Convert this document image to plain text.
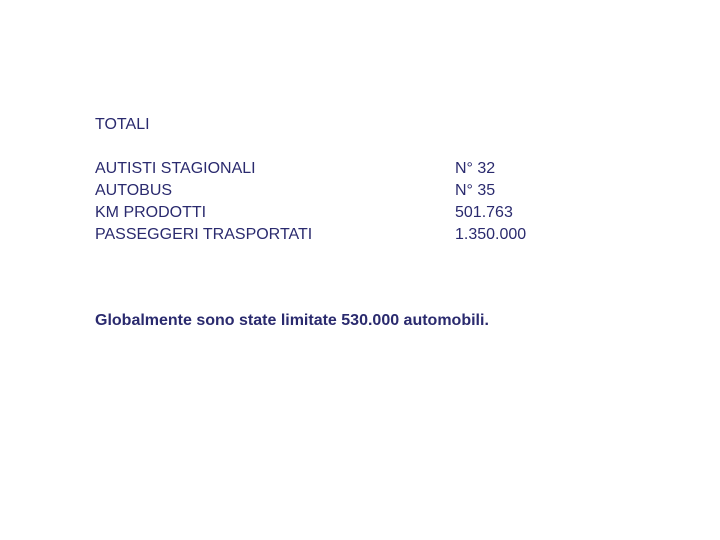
TOTALI
AUTISTI STAGIONALI	N° 32
AUTOBUS	N° 35
KM PRODOTTI	501.763
PASSEGGERI TRASPORTATI	1.350.000
Globalmente sono state limitate 530.000 automobili.
